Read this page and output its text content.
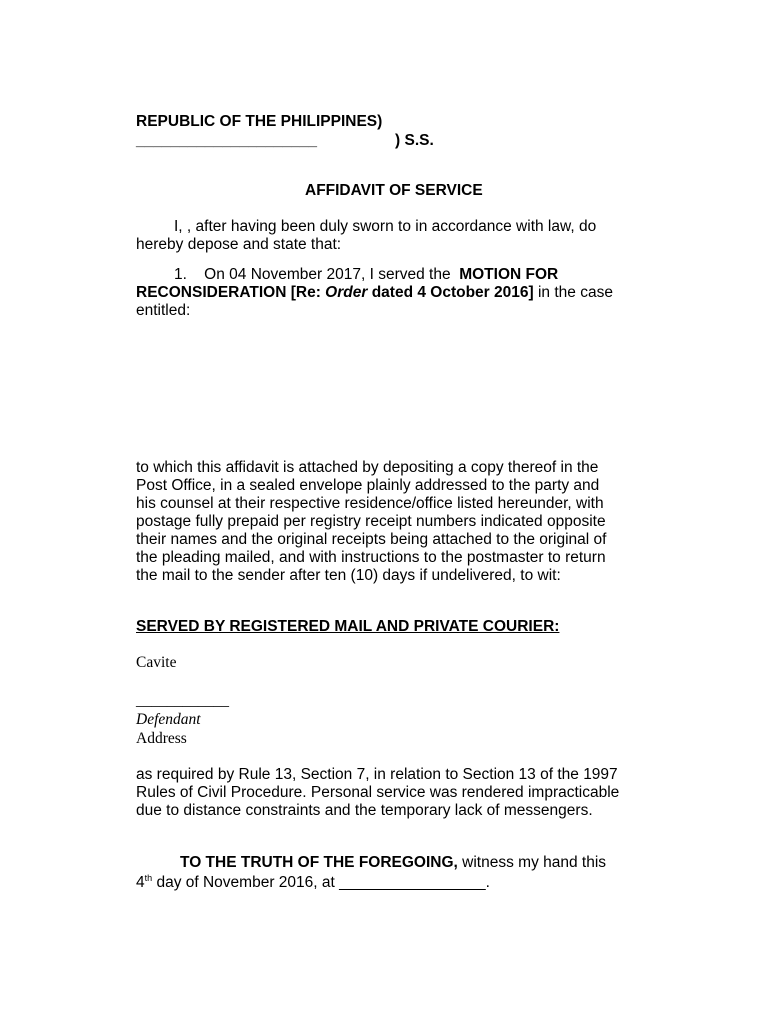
REPUBLIC OF THE PHILIPPINES)
_____________________	) S.S.
AFFIDAVIT OF SERVICE
I, , after having been duly sworn to in accordance with law, do
hereby depose and state that:
1. On 04 November 2017, I served the MOTION FOR
RECONSIDERATION [Re: Order dated 4 October 2016] in the case
entitled:
to which this affidavit is attached by depositing a copy thereof in the
Post Office, in a sealed envelope plainly addressed to the party and
his counsel at their respective residence/office listed hereunder, with
postage fully prepaid per registry receipt numbers indicated opposite
their names and the original receipts being attached to the original of
the pleading mailed, and with instructions to the postmaster to return
the mail to the sender after ten (10) days if undelivered, to wit:
SERVED BY REGISTERED MAIL AND PRIVATE COURIER:
Cavite
____________
Defendant
Address
as required by Rule 13, Section 7, in relation to Section 13 of the 1997
Rules of Civil Procedure. Personal service was rendered impracticable
due to distance constraints and the temporary lack of messengers.
TO THE TRUTH OF THE FOREGOING, witness my hand this
4th day of November 2016, at _________________.
